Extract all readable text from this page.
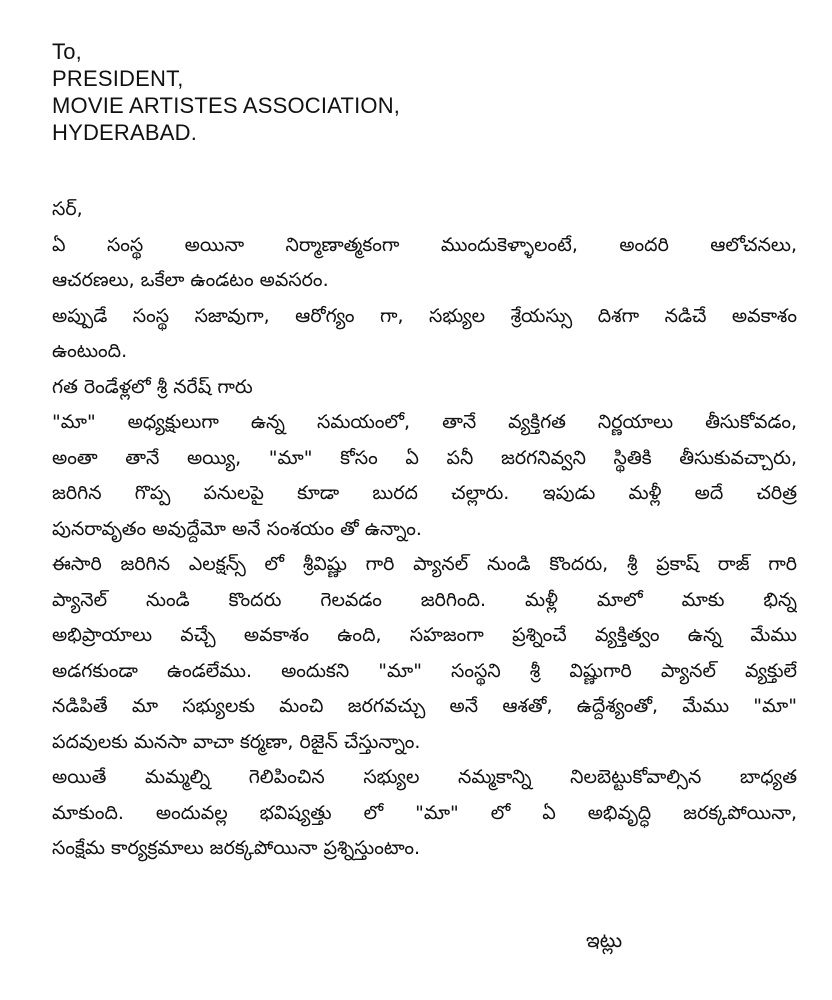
To,
PRESIDENT,
MOVIE ARTISTES ASSOCIATION,
HYDERABAD.
సర్,
ఏ సంస్థ అయినా నిర్మాణాత్మకంగా ముందుకెళ్ళాలంటే, అందరి ఆలోచనలు,
ఆచరణలు, ఒకేలా ఉండటం అవసరం.
అప్పుడే సంస్థ సజావుగా, ఆరోగ్యం గా, సభ్యుల శ్రేయస్సు దిశగా నడిచే అవకాశం
ఉంటుంది.
గత రెండేళ్లలో శ్రీ నరేష్ గారు
"మా" అధ్యక్షులుగా ఉన్న సమయంలో, తానే వ్యక్తిగత నిర్ణయాలు తీసుకోవడం,
అంతా తానే అయ్యి, "మా" కోసం ఏ పనీ జరగనివ్వని స్థితికి తీసుకువచ్చారు,
జరిగిన గొప్ప పనులపై కూడా బురద చల్లారు. ఇపుడు మళ్లీ అదే చరిత్ర
పునరావృతం అవుద్దేమో అనే సంశయం తో ఉన్నాం.
ఈసారి జరిగిన ఎలక్షన్స్ లో శ్రీవిష్ణు గారి ప్యానల్ నుండి కొందరు, శ్రీ ప్రకాష్ రాజ్ గారి
ప్యానెల్ నుండి కొందరు గెలవడం జరిగింది. మళ్లీ మాలో మాకు భిన్న
అభిప్రాయాలు వచ్చే అవకాశం ఉంది, సహజంగా ప్రశ్నించే వ్యక్తిత్వం ఉన్న మేము
అడగకుండా ఉండలేము. అందుకని "మా" సంస్థని శ్రీ విష్ణుగారి ప్యానల్ వ్యక్తులే
నడిపితే మా సభ్యులకు మంచి జరగవచ్చు అనే ఆశతో, ఉద్దేశ్యంతో, మేము "మా"
పదవులకు మనసా వాచా కర్మణా, రిజైన్ చేస్తున్నాం.
అయితే మమ్మల్ని గెలిపించిన సభ్యుల నమ్మకాన్ని నిలబెట్టుకోవాల్సిన బాధ్యత
మాకుంది. అందువల్ల భవిష్యత్తు లో "మా" లో ఏ అభివృద్ధి జరక్కపోయినా,
సంక్షేమ కార్యక్రమాలు జరక్కపోయినా ప్రశ్నిస్తుంటాం.
ఇట్లు
